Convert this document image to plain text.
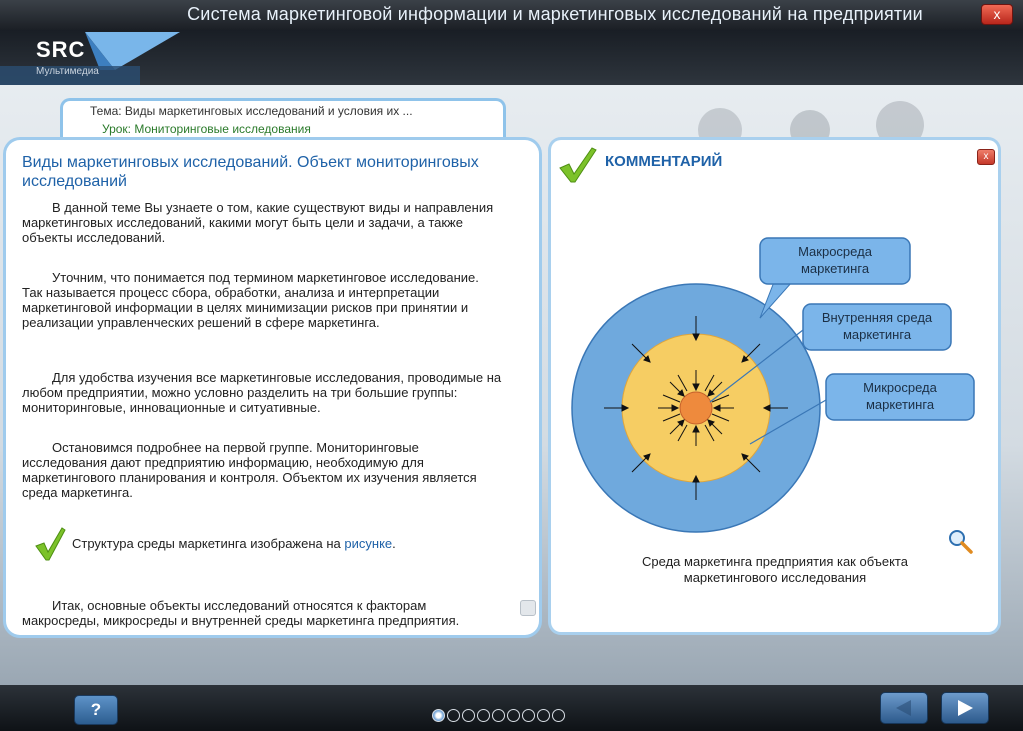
Система маркетинговой информации и маркетинговых исследований на предприятии	x
SRC
Мультимедиа
Тема: Виды маркетинговых исследований и условия их ...
Урок: Мониторинговые исследования
Виды маркетинговых исследований. Объект мониторинговых исследований
В данной теме Вы узнаете о том, какие существуют виды и направления маркетинговых исследований, какими могут быть цели и задачи, а также объекты исследований.
Уточним, что понимается под термином маркетинговое исследование. Так называется процесс сбора, обработки, анализа и интерпретации маркетинговой информации в целях минимизации рисков при принятии и реализации управленческих решений в сфере маркетинга.
Для удобства изучения все маркетинговые исследования, проводимые на любом предприятии, можно условно разделить на три большие группы: мониторинговые, инновационные и ситуативные.
Остановимся подробнее на первой группе. Мониторинговые исследования дают предприятию информацию, необходимую для маркетингового планирования и контроля. Объектом их изучения является среда маркетинга.
Структура среды маркетинга изображена на рисунке.
Итак, основные объекты исследований относятся к факторам макросреды, микросреды и внутренней среды маркетинга предприятия.
КОММЕНТАРИЙ	x
Макросреда
маркетинга
Внутренняя среда
маркетинга
Микросреда
маркетинга
Среда маркетинга предприятия как объекта
маркетингового исследования
?
